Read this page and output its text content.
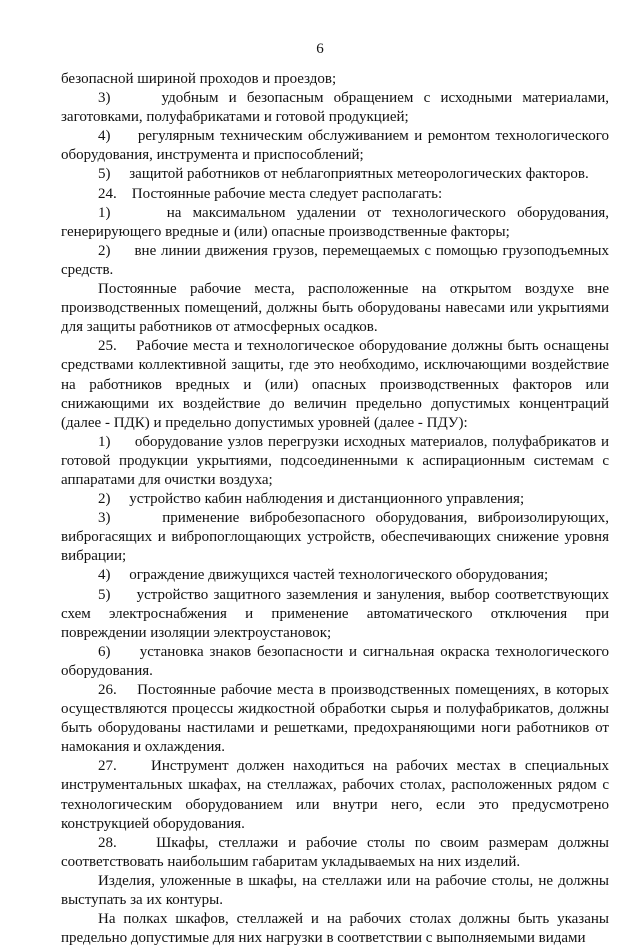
6

безопасной шириной проходов и проездов;

3)     удобным и безопасным обращением с исходными материалами, заготовками, полуфабрикатами и готовой продукцией;

4)     регулярным техническим обслуживанием и ремонтом технологического оборудования, инструмента и приспособлений;

5)     защитой работников от неблагоприятных метеорологических факторов.

24.    Постоянные рабочие места следует располагать:

1)     на максимальном удалении от технологического оборудования, генерирующего вредные и (или) опасные производственные факторы;

2)     вне линии движения грузов, перемещаемых с помощью грузоподъемных средств.

Постоянные рабочие места, расположенные на открытом воздухе вне производственных помещений, должны быть оборудованы навесами или укрытиями для защиты работников от атмосферных осадков.

25.    Рабочие места и технологическое оборудование должны быть оснащены средствами коллективной защиты, где это необходимо, исключающими воздействие на работников вредных и (или) опасных производственных факторов или снижающими их воздействие до величин предельно допустимых концентраций (далее - ПДК) и предельно допустимых уровней (далее - ПДУ):

1)     оборудование узлов перегрузки исходных материалов, полуфабрикатов и готовой продукции укрытиями, подсоединенными к аспирационным системам с аппаратами для очистки воздуха;

2)     устройство кабин наблюдения и дистанционного управления;

3)     применение вибробезопасного оборудования, виброизолирующих, виброгасящих и вибропоглощающих устройств, обеспечивающих снижение уровня вибрации;

4)     ограждение движущихся частей технологического оборудования;

5)     устройство защитного заземления и зануления, выбор соответствующих схем электроснабжения и применение автоматического отключения при повреждении изоляции электроустановок;

6)     установка знаков безопасности и сигнальная окраска технологического оборудования.

26.    Постоянные рабочие места в производственных помещениях, в которых осуществляются процессы жидкостной обработки сырья и полуфабрикатов, должны быть оборудованы настилами и решетками, предохраняющими ноги работников от намокания и охлаждения.

27.    Инструмент должен находиться на рабочих местах в специальных инструментальных шкафах, на стеллажах, рабочих столах, расположенных рядом с технологическим оборудованием или внутри него, если это предусмотрено конструкцией оборудования.

28.    Шкафы, стеллажи и рабочие столы по своим размерам должны соответствовать наибольшим габаритам укладываемых на них изделий.

Изделия, уложенные в шкафы, на стеллажи или на рабочие столы, не должны выступать за их контуры.

На полках шкафов, стеллажей и на рабочих столах должны быть указаны предельно допустимые для них нагрузки в соответствии с выполняемыми видами
